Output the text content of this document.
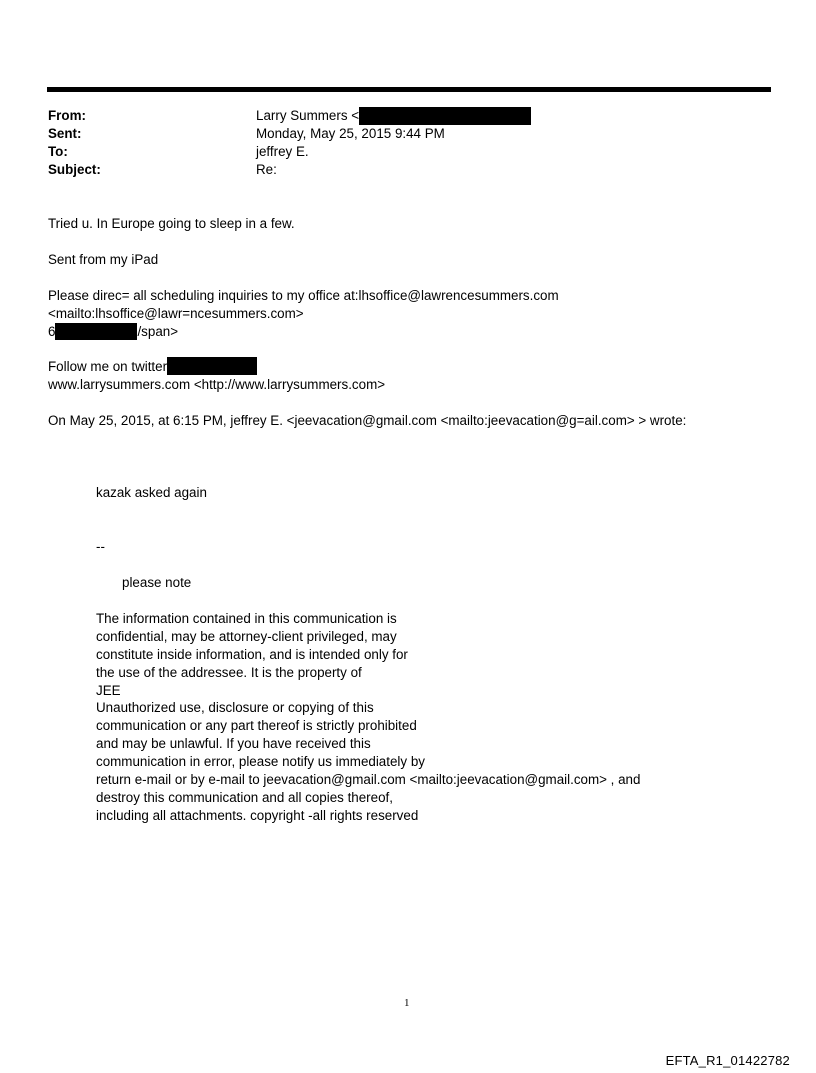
From:	Larry Summers <
Sent:	Monday, May 25, 2015 9:44 PM
To:	jeffrey E.
Subject:	Re:
Tried u. In Europe going to sleep in a few.
Sent from my iPad
Please direc= all scheduling inquiries to my office at:lhsoffice@lawrencesummers.com
<mailto:lhsoffice@lawr=ncesummers.com>
6	/span>
Follow me on twitter
www.larrysummers.com <http://www.larrysummers.com>
On May 25, 2015, at 6:15 PM, jeffrey E. <jeevacation@gmail.com <mailto:jeevacation@g=ail.com> > wrote:
kazak asked again
--
please note
The information contained in this communication is
confidential, may be attorney-client privileged, may
constitute inside information, and is intended only for
the use of the addressee. It is the property of
JEE
Unauthorized use, disclosure or copying of this
communication or any part thereof is strictly prohibited
and may be unlawful. If you have received this
communication in error, please notify us immediately by
return e-mail or by e-mail to jeevacation@gmail.com <mailto:jeevacation@gmail.com> , and
destroy this communication and all copies thereof,
including all attachments. copyright -all rights reserved
1
EFTA_R1_01422782
